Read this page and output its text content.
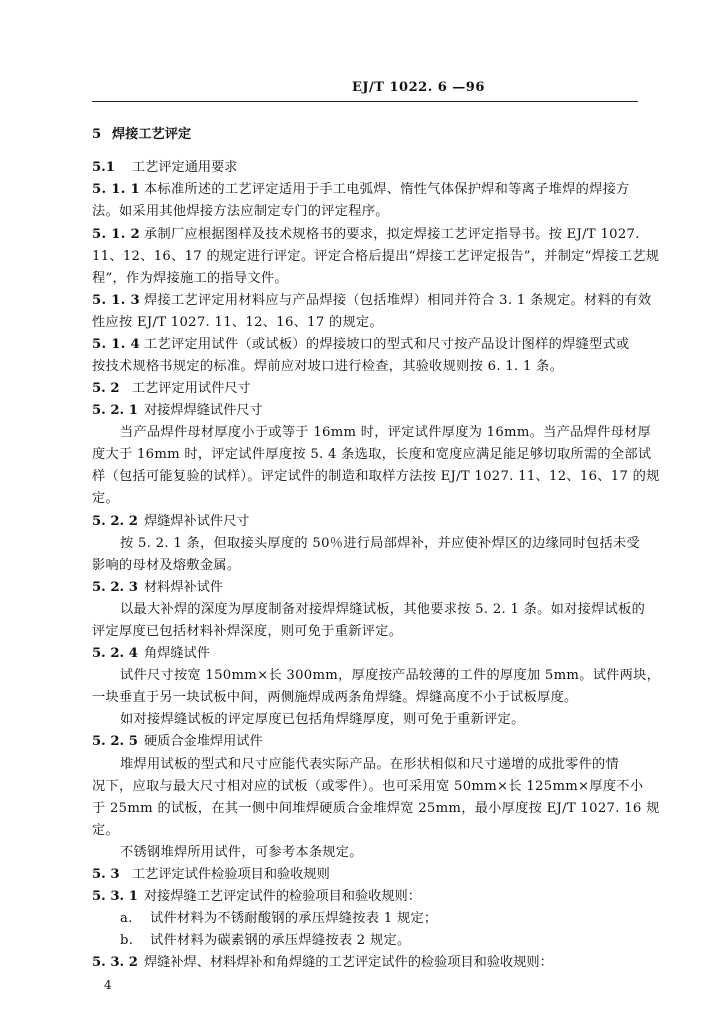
EJ/T 1022. 6 —96
5 焊接工艺评定
5.1 工艺评定通用要求
5. 1. 1 本标准所述的工艺评定适用于手工电弧焊、惰性气体保护焊和等离子堆焊的焊接方
法。如采用其他焊接方法应制定专门的评定程序。
5. 1. 2 承制厂应根据图样及技术规格书的要求，拟定焊接工艺评定指导书。按 EJ/T 1027.
11、12、16、17 的规定进行评定。评定合格后提出“焊接工艺评定报告”，并制定“焊接工艺规
程”，作为焊接施工的指导文件。
5. 1. 3 焊接工艺评定用材料应与产品焊接（包括堆焊）相同并符合 3. 1 条规定。材料的有效
性应按 EJ/T 1027. 11、12、16、17 的规定。
5. 1. 4 工艺评定用试件（或试板）的焊接坡口的型式和尺寸按产品设计图样的焊缝型式或
按技术规格书规定的标准。焊前应对坡口进行检查，其验收规则按 6. 1. 1 条。
5. 2 工艺评定用试件尺寸
5. 2. 1 对接焊焊缝试件尺寸
当产品焊件母材厚度小于或等于 16mm 时，评定试件厚度为 16mm。当产品焊件母材厚
度大于 16mm 时，评定试件厚度按 5. 4 条选取，长度和宽度应满足能足够切取所需的全部试
样（包括可能复验的试样）。评定试件的制造和取样方法按 EJ/T 1027. 11、12、16、17 的规
定。
5. 2. 2 焊缝焊补试件尺寸
按 5. 2. 1 条，但取接头厚度的 50％进行局部焊补，并应使补焊区的边缘同时包括未受
影响的母材及熔敷金属。
5. 2. 3 材料焊补试件
以最大补焊的深度为厚度制备对接焊焊缝试板，其他要求按 5. 2. 1 条。如对接焊试板的
评定厚度已包括材料补焊深度，则可免于重新评定。
5. 2. 4 角焊缝试件
试件尺寸按宽 150mm×长 300mm，厚度按产品较薄的工件的厚度加 5mm。试件两块，
一块垂直于另一块试板中间，两侧施焊成两条角焊缝。焊缝高度不小于试板厚度。
如对接焊缝试板的评定厚度已包括角焊缝厚度，则可免于重新评定。
5. 2. 5 硬质合金堆焊用试件
堆焊用试板的型式和尺寸应能代表实际产品。在形状相似和尺寸递增的成批零件的情
况下，应取与最大尺寸相对应的试板（或零件）。也可采用宽 50mm×长 125mm×厚度不小
于 25mm 的试板，在其一侧中间堆焊硬质合金堆焊宽 25mm，最小厚度按 EJ/T 1027. 16 规
定。
不锈钢堆焊所用试件，可参考本条规定。
5. 3 工艺评定试件检验项目和验收规则
5. 3. 1 对接焊缝工艺评定试件的检验项目和验收规则：
a. 试件材料为不锈耐酸钢的承压焊缝按表 1 规定；
b. 试件材料为碳素钢的承压焊缝按表 2 规定。
5. 3. 2 焊缝补焊、材料焊补和角焊缝的工艺评定试件的检验项目和验收规则：
4
